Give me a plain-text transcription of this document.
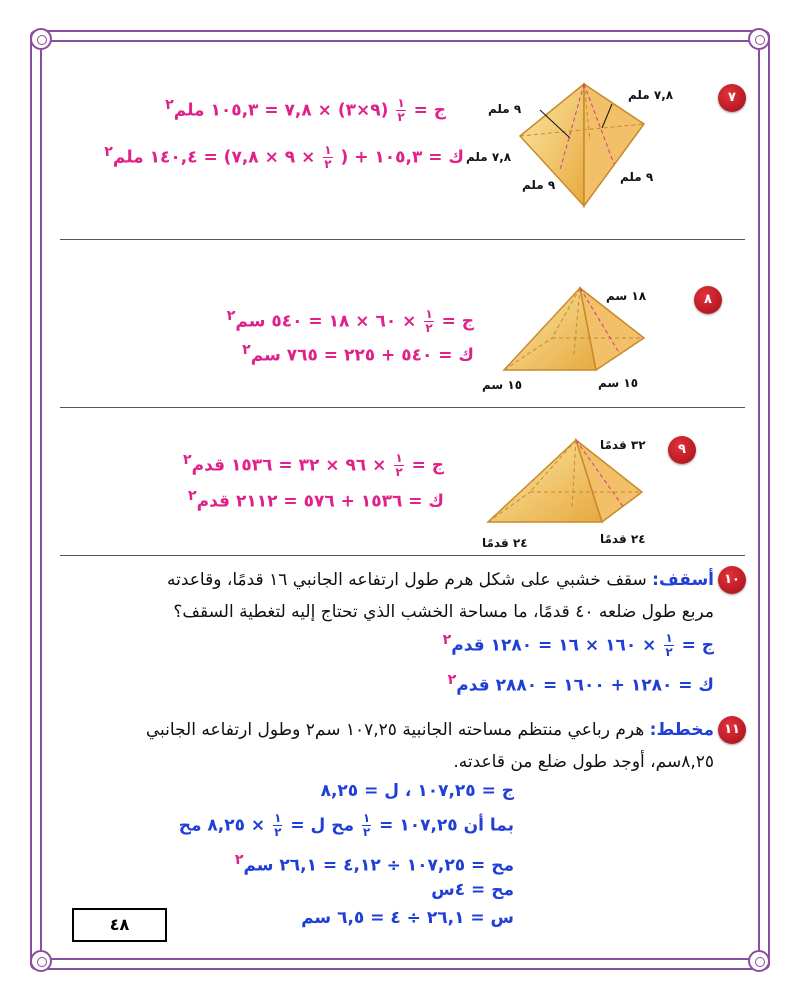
٧
٧,٨ ملم
٩ ملم
٧,٨ ملم
٩ ملم
٩ ملم
ج =
$\frac{١}{٢}$
(٩×٣) × ٧,٨ = ١٠٥,٣ ملم$^٢$
ك = ١٠٥,٣ + (
$\frac{١}{٢}$
× ٩ × ٧,٨) = ١٤٠,٤ ملم$^٢$
٨
١٨ سم
١٥ سم	١٥ سم
ج =
$\frac{١}{٢}$
× ٦٠ × ١٨ = ٥٤٠ سم$^٢$
ك = ٥٤٠ + ٢٢٥ = ٧٦٥ سم$^٢$
٩
٣٢ قدمًا
٢٤ قدمًا	٢٤ قدمًا
ج =
$\frac{١}{٢}$
× ٩٦ × ٣٢ = ١٥٣٦ قدم$^٢$
ك = ١٥٣٦ + ٥٧٦ = ٢١١٢ قدم$^٢$
١٠
أسقف: سقف خشبي على شكل هرم طول ارتفاعه الجانبي ١٦ قدمًا، وقاعدته
مربع طول ضلعه ٤٠ قدمًا، ما مساحة الخشب الذي تحتاج إليه لتغطية السقف؟
ج =
$\frac{١}{٢}$
× ١٦٠ × ١٦ = ١٢٨٠ قدم$^٢$
ك = ١٢٨٠ + ١٦٠٠ = ٢٨٨٠ قدم$^٢$
١١
مخطط: هرم رباعي منتظم مساحته الجانبية ١٠٧,٢٥ سم٢ وطول ارتفاعه الجانبي
٨,٢٥سم، أوجد طول ضلع من قاعدته.
ج = ١٠٧,٢٥ ، ل = ٨,٢٥
بما أن ١٠٧,٢٥ =
$\frac{١}{٢}$
مح ل =
$\frac{١}{٢}$
× ٨,٢٥ مح
مح = ١٠٧,٢٥ ÷ ٤,١٢ = ٢٦,١ سم$^٢$
مح = ٤س
س = ٢٦,١ ÷ ٤ = ٦,٥ سم
٤٨
